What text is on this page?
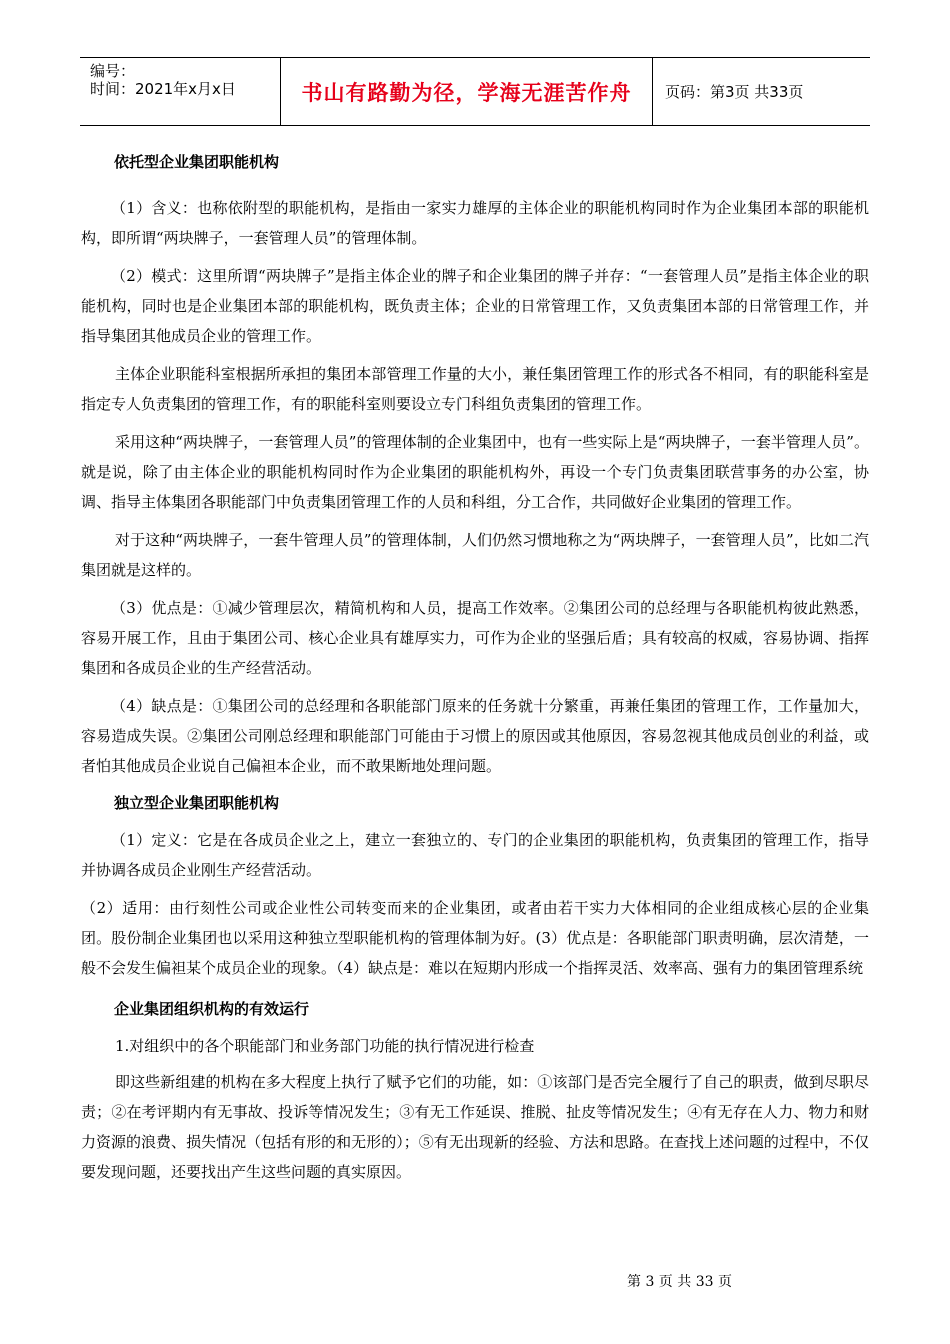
编号：
时间：2021年x月x日	书山有路勤为径，学海无涯苦作舟	页码：第3页 共33页
依托型企业集团职能机构

（1）含义：也称依附型的职能机构，是指由一家实力雄厚的主体企业的职能机构同时作为企业集团本部的职能机构，即所谓“两块牌子，一套管理人员”的管理体制。

（2）模式：这里所谓“两块牌子”是指主体企业的牌子和企业集团的牌子并存：“一套管理人员”是指主体企业的职能机构，同时也是企业集团本部的职能机构，既负责主体；企业的日常管理工作，又负责集团本部的日常管理工作，并指导集团其他成员企业的管理工作。

主体企业职能科室根据所承担的集团本部管理工作量的大小，兼任集团管理工作的形式各不相同，有的职能科室是指定专人负责集团的管理工作，有的职能科室则要设立专门科组负责集团的管理工作。

采用这种“两块牌子，一套管理人员”的管理体制的企业集团中，也有一些实际上是“两块牌子，一套半管理人员”。就是说，除了由主体企业的职能机构同时作为企业集团的职能机构外，再设一个专门负责集团联营事务的办公室，协调、指导主体集团各职能部门中负责集团管理工作的人员和科组，分工合作，共同做好企业集团的管理工作。

对于这种“两块牌子，一套牛管理人员”的管理体制，人们仍然习惯地称之为“两块牌子，一套管理人员”，比如二汽集团就是这样的。

（3）优点是：①减少管理层次，精简机构和人员，提高工作效率。②集团公司的总经理与各职能机构彼此熟悉，容易开展工作，且由于集团公司、核心企业具有雄厚实力，可作为企业的坚强后盾；具有较高的权威，容易协调、指挥集团和各成员企业的生产经营活动。

（4）缺点是：①集团公司的总经理和各职能部门原来的任务就十分繁重，再兼任集团的管理工作，工作量加大，容易造成失误。②集团公司刚总经理和职能部门可能由于习惯上的原因或其他原因，容易忽视其他成员创业的利益，或者怕其他成员企业说自己偏袒本企业，而不敢果断地处理问题。

独立型企业集团职能机构

（1）定义：它是在各成员企业之上，建立一套独立的、专门的企业集团的职能机构，负责集团的管理工作，指导并协调各成员企业刚生产经营活动。

（2）适用：由行刻性公司或企业性公司转变而来的企业集团，或者由若干实力大体相同的企业组成核心层的企业集团。股份制企业集团也以采用这种独立型职能机构的管理体制为好。(3）优点是：各职能部门职责明确，层次清楚，一般不会发生偏袒某个成员企业的现象。（4）缺点是：难以在短期内形成一个指挥灵活、效率高、强有力的集团管理系统

企业集团组织机构的有效运行

1.对组织中的各个职能部门和业务部门功能的执行情况进行检查

即这些新组建的机构在多大程度上执行了赋予它们的功能，如：①该部门是否完全履行了自己的职责，做到尽职尽责；②在考评期内有无事故、投诉等情况发生；③有无工作延误、推脱、扯皮等情况发生；④有无存在人力、物力和财力资源的浪费、损失情况（包括有形的和无形的）；⑤有无出现新的经验、方法和思路。在查找上述问题的过程中，不仅要发现问题，还要找出产生这些问题的真实原因。

第 3 页 共 33 页
